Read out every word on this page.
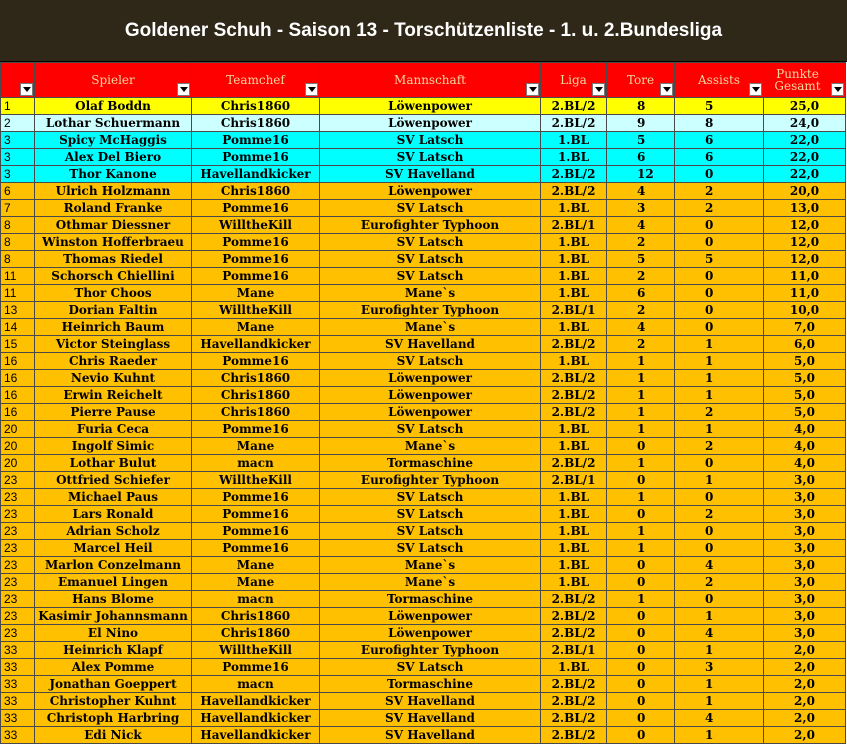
Goldener Schuh - Saison 13 - Torschützenliste - 1. u. 2.Bundesliga

	Spieler	Teamchef	Mannschaft	Liga	Tore	Assists	Punkte Gesamt

1	Olaf Boddn	Chris1860	Löwenpower	2.BL/2	8	5	25,0
2	Lothar Schuermann	Chris1860	Löwenpower	2.BL/2	9	8	24,0
3	Spicy McHaggis	Pomme16	SV Latsch	1.BL	5	6	22,0
3	Alex Del Biero	Pomme16	SV Latsch	1.BL	6	6	22,0
3	Thor Kanone	Havellandkicker	SV Havelland	2.BL/2	12	0	22,0
6	Ulrich Holzmann	Chris1860	Löwenpower	2.BL/2	4	2	20,0
7	Roland Franke	Pomme16	SV Latsch	1.BL	3	2	13,0
8	Othmar Diessner	WilltheKill	Eurofighter Typhoon	2.BL/1	4	0	12,0
8	Winston Hofferbraeu	Pomme16	SV Latsch	1.BL	2	0	12,0
8	Thomas Riedel	Pomme16	SV Latsch	1.BL	5	5	12,0
11	Schorsch Chiellini	Pomme16	SV Latsch	1.BL	2	0	11,0
11	Thor Choos	Mane	Mane`s	1.BL	6	0	11,0
13	Dorian Faltin	WilltheKill	Eurofighter Typhoon	2.BL/1	2	0	10,0
14	Heinrich Baum	Mane	Mane`s	1.BL	4	0	7,0
15	Victor Steinglass	Havellandkicker	SV Havelland	2.BL/2	2	1	6,0
16	Chris Raeder	Pomme16	SV Latsch	1.BL	1	1	5,0
16	Nevio Kuhnt	Chris1860	Löwenpower	2.BL/2	1	1	5,0
16	Erwin Reichelt	Chris1860	Löwenpower	2.BL/2	1	1	5,0
16	Pierre Pause	Chris1860	Löwenpower	2.BL/2	1	2	5,0
20	Furia Ceca	Pomme16	SV Latsch	1.BL	1	1	4,0
20	Ingolf Simic	Mane	Mane`s	1.BL	0	2	4,0
20	Lothar Bulut	macn	Tormaschine	2.BL/2	1	0	4,0
23	Ottfried Schiefer	WilltheKill	Eurofighter Typhoon	2.BL/1	0	1	3,0
23	Michael Paus	Pomme16	SV Latsch	1.BL	1	0	3,0
23	Lars Ronald	Pomme16	SV Latsch	1.BL	0	2	3,0
23	Adrian Scholz	Pomme16	SV Latsch	1.BL	1	0	3,0
23	Marcel Heil	Pomme16	SV Latsch	1.BL	1	0	3,0
23	Marlon Conzelmann	Mane	Mane`s	1.BL	0	4	3,0
23	Emanuel Lingen	Mane	Mane`s	1.BL	0	2	3,0
23	Hans Blome	macn	Tormaschine	2.BL/2	1	0	3,0
23	Kasimir Johannsmann	Chris1860	Löwenpower	2.BL/2	0	1	3,0
23	El Nino	Chris1860	Löwenpower	2.BL/2	0	4	3,0
33	Heinrich Klapf	WilltheKill	Eurofighter Typhoon	2.BL/1	0	1	2,0
33	Alex Pomme	Pomme16	SV Latsch	1.BL	0	3	2,0
33	Jonathan Goeppert	macn	Tormaschine	2.BL/2	0	1	2,0
33	Christopher Kuhnt	Havellandkicker	SV Havelland	2.BL/2	0	1	2,0
33	Christoph Harbring	Havellandkicker	SV Havelland	2.BL/2	0	4	2,0
33	Edi Nick	Havellandkicker	SV Havelland	2.BL/2	0	1	2,0
